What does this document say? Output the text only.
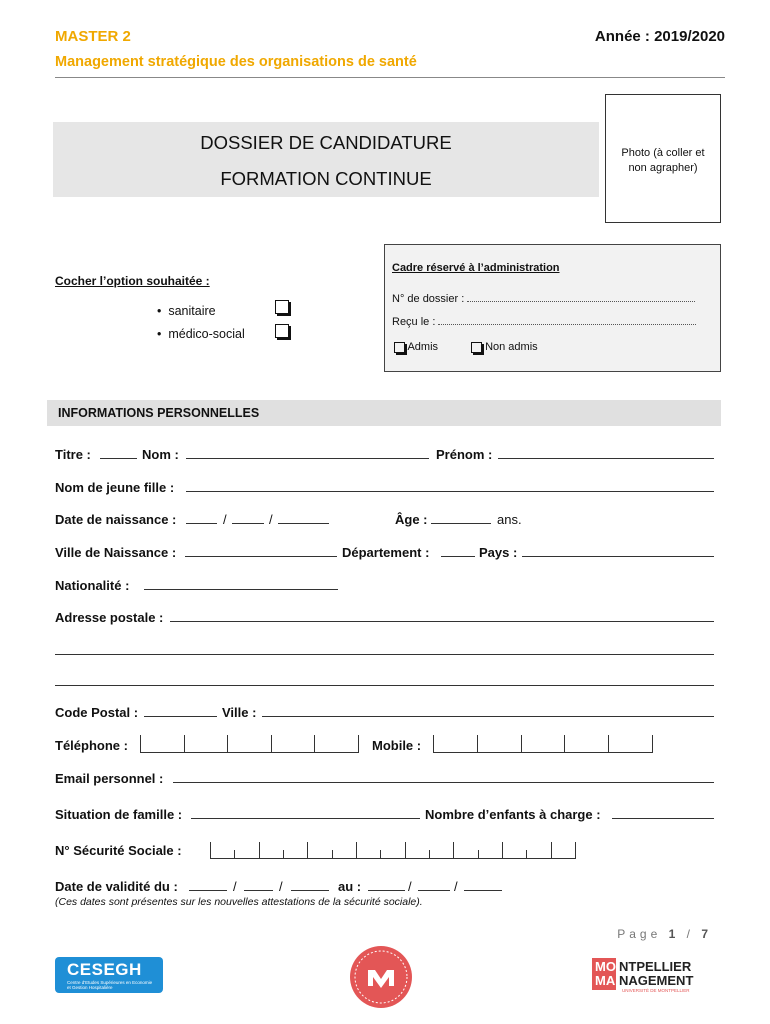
MASTER 2
Management stratégique des organisations de santé
Année : 2019/2020
DOSSIER DE CANDIDATURE
FORMATION CONTINUE
Photo (à coller et
non agrapher)
Cadre réservé à l’administration
N° de dossier :
Reçu le :
Admis	Non admis
Cocher l’option souhaitée :
• sanitaire
• médico-social
INFORMATIONS PERSONNELLES
Titre :	Nom :	Prénom :
Nom de jeune fille :
Date de naissance :	/	/	Âge :	ans.
Ville de Naissance :	Département :	Pays :
Nationalité :
Adresse postale :
Code Postal :	Ville :
Téléphone :	Mobile :
Email personnel :
Situation de famille :	Nombre d’enfants à charge :
N° Sécurité Sociale :
Date de validité du :	/	/	au :	/	/
(Ces dates sont présentes sur les nouvelles attestations de la sécurité sociale).
Page 1 / 7
CESEGH
Centre d'Etudes Supérieures en Economie et Gestion Hospitalière
MO
MA
NTPELLIER
NAGEMENT
UNIVERSITÉ DE MONTPELLIER
